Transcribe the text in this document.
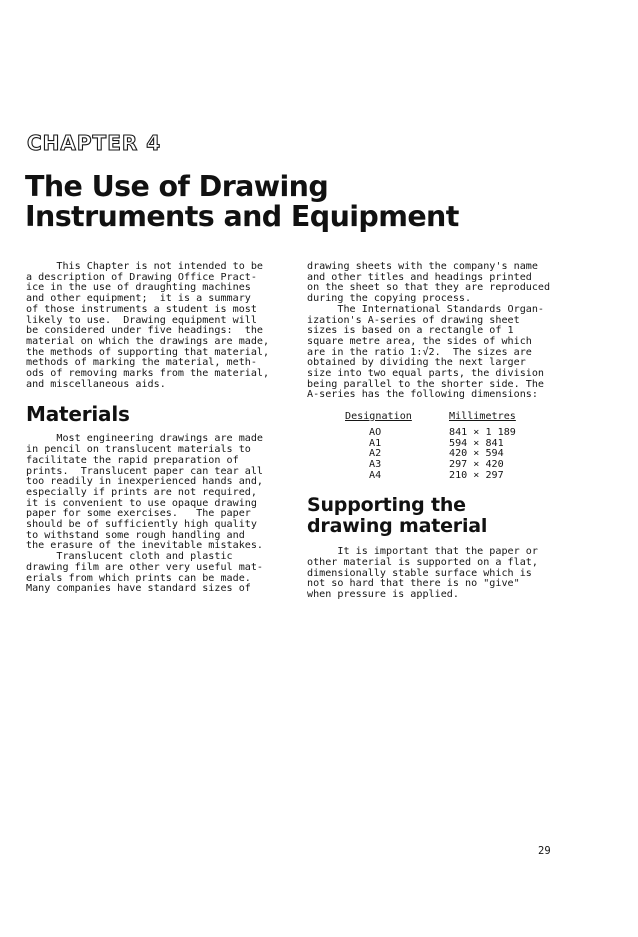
CHAPTER 4
The Use of Drawing
Instruments and Equipment

This Chapter is not intended to be

a description of Drawing Office Pract-

ice in the use of draughting machines

and other equipment;  it is a summary

of those instruments a student is most

likely to use.  Drawing equipment will

be considered under five headings:  the

material on which the drawings are made,

the methods of supporting that material,

methods of marking the material, meth-

ods of removing marks from the material,

and miscellaneous aids.

Materials

Most engineering drawings are made

in pencil on translucent materials to

facilitate the rapid preparation of

prints.  Translucent paper can tear all

too readily in inexperienced hands and,

especially if prints are not required,

it is convenient to use opaque drawing

paper for some exercises.   The paper

should be of sufficiently high quality

to withstand some rough handling and

the erasure of the inevitable mistakes.

Translucent cloth and plastic

drawing film are other very useful mat-

erials from which prints can be made.

Many companies have standard sizes of

drawing sheets with the company's name

and other titles and headings printed

on the sheet so that they are reproduced

during the copying process.

The International Standards Organ-

ization's A-series of drawing sheet

sizes is based on a rectangle of 1

square metre area, the sides of which

are in the ratio 1:√2.  The sizes are

obtained by dividing the next larger

size into two equal parts, the division

being parallel to the shorter side. The

A-series has the following dimensions:

Designation	Millimetres
AO	841 × 1 189
A1	594 × 841
A2	420 × 594
A3	297 × 420
A4	210 × 297
Supporting the
drawing material

It is important that the paper or

other material is supported on a flat,

dimensionally stable surface which is

not so hard that there is no "give"

when pressure is applied.

29
